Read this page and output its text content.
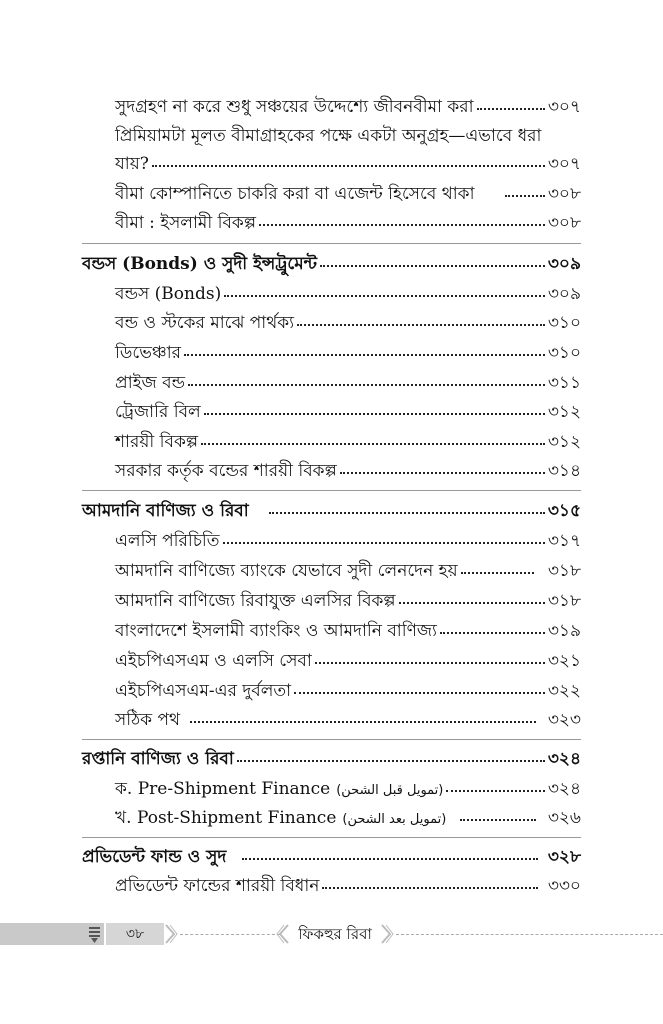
সুদগ্রহণ না করে শুধু সঞ্চয়ের উদ্দেশ্যে জীবনবীমা করা	৩০৭
প্রিমিয়ামটা মূলত বীমাগ্রাহকের পক্ষে একটা অনুগ্রহ—এভাবে ধরা
যায়?	৩০৭
বীমা কোম্পানিতে চাকরি করা বা এজেন্ট হিসেবে থাকা	৩০৮
বীমা : ইসলামী বিকল্প	৩০৮
বন্ডস (Bonds) ও সুদী ইন্সট্রুমেন্ট	৩০৯
বন্ডস (Bonds)	৩০৯
বন্ড ও স্টকের মাঝে পার্থক্য	৩১০
ডিভেঞ্চার	৩১০
প্রাইজ বন্ড	৩১১
ট্রেজারি বিল	৩১২
শারয়ী বিকল্প	৩১২
সরকার কর্তৃক বন্ডের শারয়ী বিকল্প	৩১৪
আমদানি বাণিজ্য ও রিবা	৩১৫
এলসি পরিচিতি	৩১৭
আমদানি বাণিজ্যে ব্যাংকে যেভাবে সুদী লেনদেন হয়	৩১৮
আমদানি বাণিজ্যে রিবাযুক্ত এলসির বিকল্প	৩১৮
বাংলাদেশে ইসলামী ব্যাংকিং ও আমদানি বাণিজ্য	৩১৯
এইচপিএসএম ও এলসি সেবা	৩২১
এইচপিএসএম-এর দুর্বলতা	৩২২
সঠিক পথ	৩২৩
রপ্তানি বাণিজ্য ও রিবা	৩২৪
ক. Pre-Shipment Finance (تمويل قبل الشحن)	৩২৪
খ. Post-Shipment Finance (تمويل بعد الشحن)	৩২৬
প্রভিডেন্ট ফান্ড ও সুদ	৩২৮
প্রভিডেন্ট ফান্ডের শারয়ী বিধান	৩৩০
৩৮	ফিকহুর রিবা
